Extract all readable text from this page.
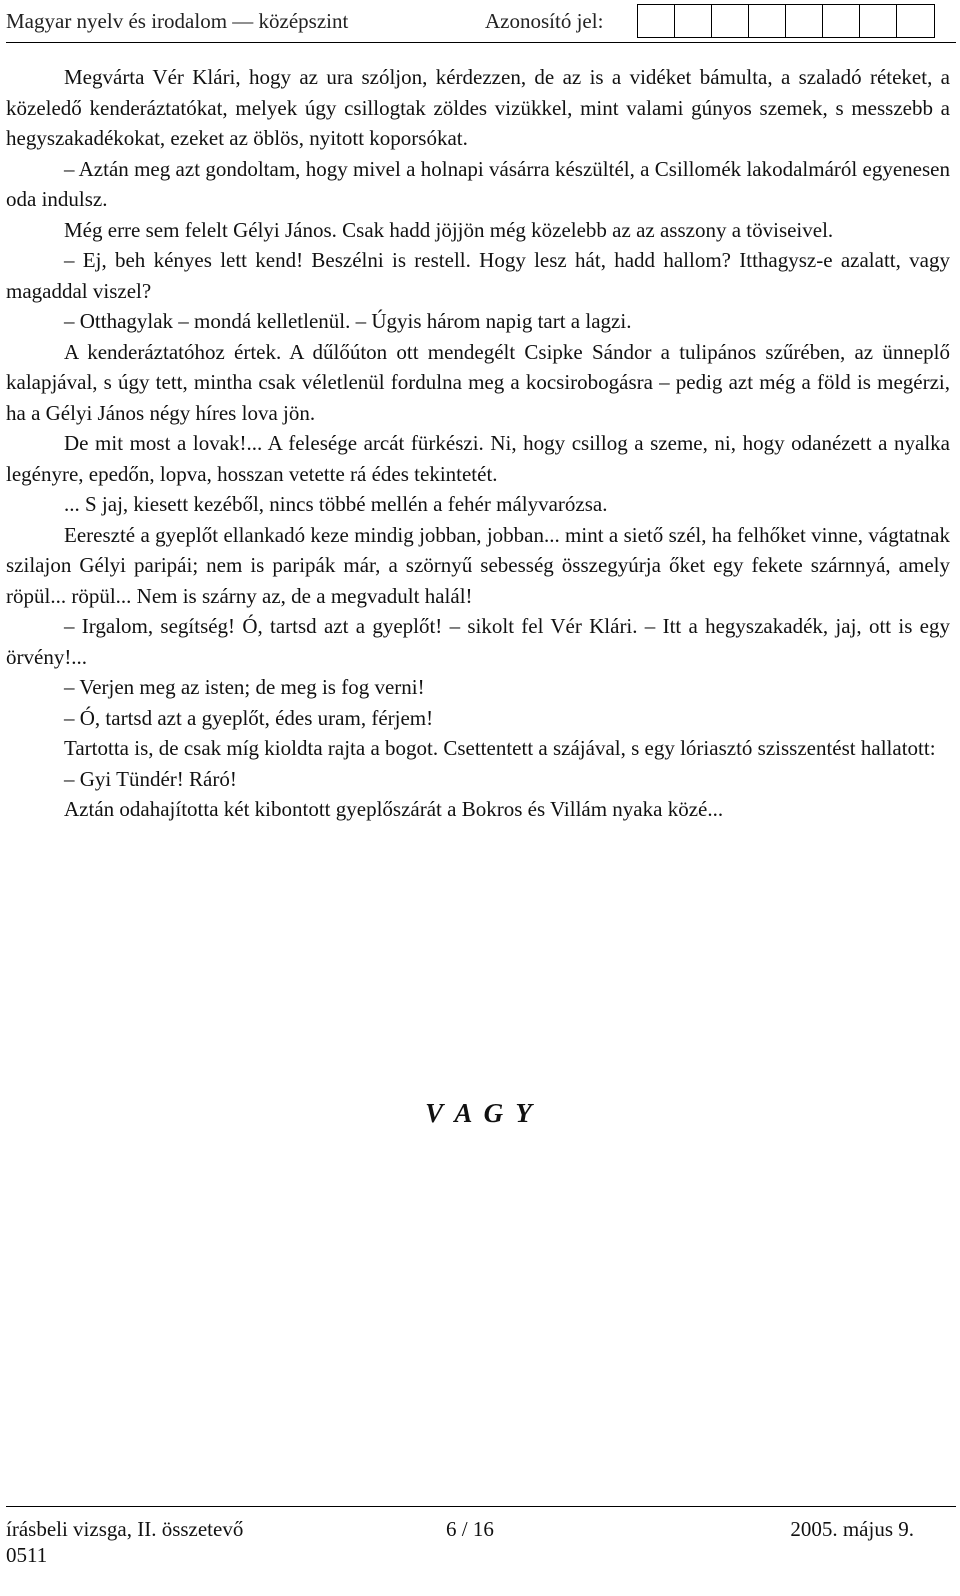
Magyar nyelv és irodalom — középszint	Azonosító jel:

Megvárta Vér Klári, hogy az ura szóljon, kérdezzen, de az is a vidéket bámulta, a szaladó réteket, a közeledő kenderáztatókat, melyek úgy csillogtak zöldes vizükkel, mint valami gúnyos szemek, s messzebb a hegyszakadékokat, ezeket az öblös, nyitott koporsókat.

– Aztán meg azt gondoltam, hogy mivel a holnapi vásárra készültél, a Csillomék lakodalmáról egyenesen oda indulsz.

Még erre sem felelt Gélyi János. Csak hadd jöjjön még közelebb az az asszony a töviseivel.

– Ej, beh kényes lett kend! Beszélni is restell. Hogy lesz hát, hadd hallom? Itthagysz-e azalatt, vagy magaddal viszel?

– Otthagylak – mondá kelletlenül. – Úgyis három napig tart a lagzi.

A kenderáztatóhoz értek. A dűlőúton ott mendegélt Csipke Sándor a tulipános szűrében, az ünneplő kalapjával, s úgy tett, mintha csak véletlenül fordulna meg a kocsirobogásra – pedig azt még a föld is megérzi, ha a Gélyi János négy híres lova jön.

De mit most a lovak!... A felesége arcát fürkészi. Ni, hogy csillog a szeme, ni, hogy odanézett a nyalka legényre, epedőn, lopva, hosszan vetette rá édes tekintetét.

... S jaj, kiesett kezéből, nincs többé mellén a fehér mályvarózsa.

Eereszté a gyeplőt ellankadó keze mindig jobban, jobban... mint a siető szél, ha felhőket vinne, vágtatnak szilajon Gélyi paripái; nem is paripák már, a szörnyű sebesség összegyúrja őket egy fekete szárnnyá, amely röpül... röpül... Nem is szárny az, de a megvadult halál!

– Irgalom, segítség! Ó, tartsd azt a gyeplőt! – sikolt fel Vér Klári. – Itt a hegyszakadék, jaj, ott is egy örvény!...

– Verjen meg az isten; de meg is fog verni!

– Ó, tartsd azt a gyeplőt, édes uram, férjem!

Tartotta is, de csak míg kioldta rajta a bogot. Csettentett a szájával, s egy lóriasztó szisszentést hallatott:

– Gyi Tündér! Ráró!

Aztán odahajította két kibontott gyeplőszárát a Bokros és Villám nyaka közé...

V A G Y
írásbeli vizsga, II. összetevő	6 / 16	2005. május 9.
0511
